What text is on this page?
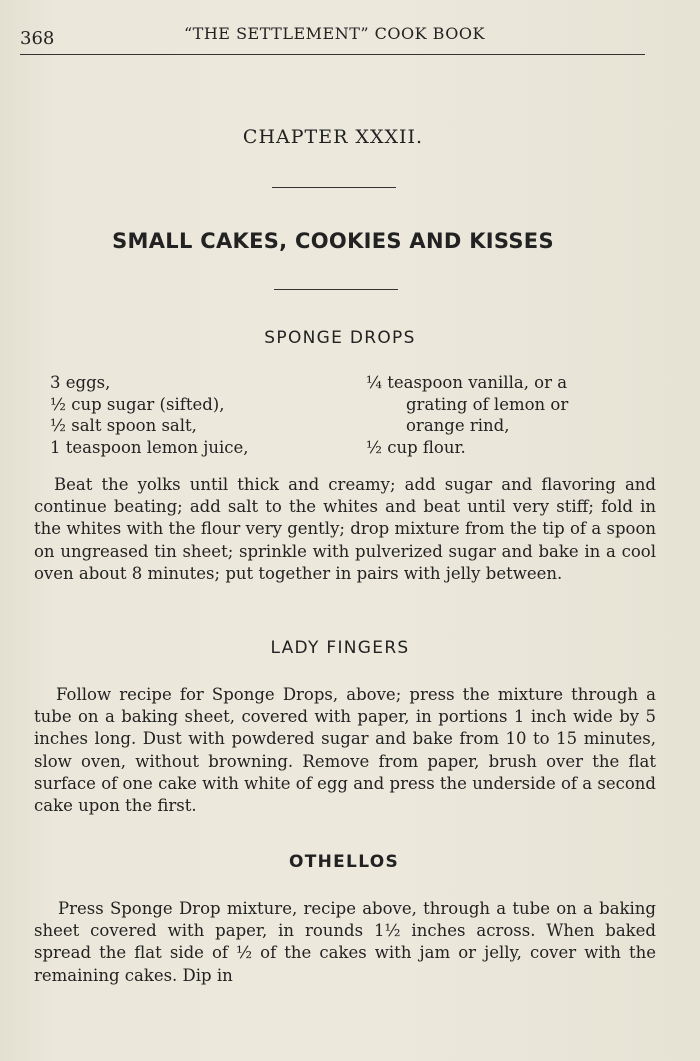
368	“THE SETTLEMENT” COOK BOOK
CHAPTER XXXII.
SMALL CAKES, COOKIES AND KISSES
SPONGE DROPS
3 eggs,
½ cup sugar (sifted),
½ salt spoon salt,
1 teaspoon lemon juice,
¼ teaspoon vanilla, or a
grating of lemon or
orange rind,
½ cup flour.

Beat the yolks until thick and creamy; add sugar and flavoring and continue beating; add salt to the whites and beat until very stiff; fold in the whites with the flour very gently; drop mixture from the tip of a spoon on ungreased tin sheet; sprinkle with pulverized sugar and bake in a cool oven about 8 minutes; put together in pairs with jelly between.

LADY FINGERS

Follow recipe for Sponge Drops, above; press the mixture through a tube on a baking sheet, covered with paper, in portions 1 inch wide by 5 inches long. Dust with powdered sugar and bake from 10 to 15 minutes, slow oven, without browning. Remove from paper, brush over the flat surface of one cake with white of egg and press the underside of a second cake upon the first.

OTHELLOS

Press Sponge Drop mixture, recipe above, through a tube on a baking sheet covered with paper, in rounds 1½ inches across. When baked spread the flat side of ½ of the cakes with jam or jelly, cover with the remaining cakes. Dip in
